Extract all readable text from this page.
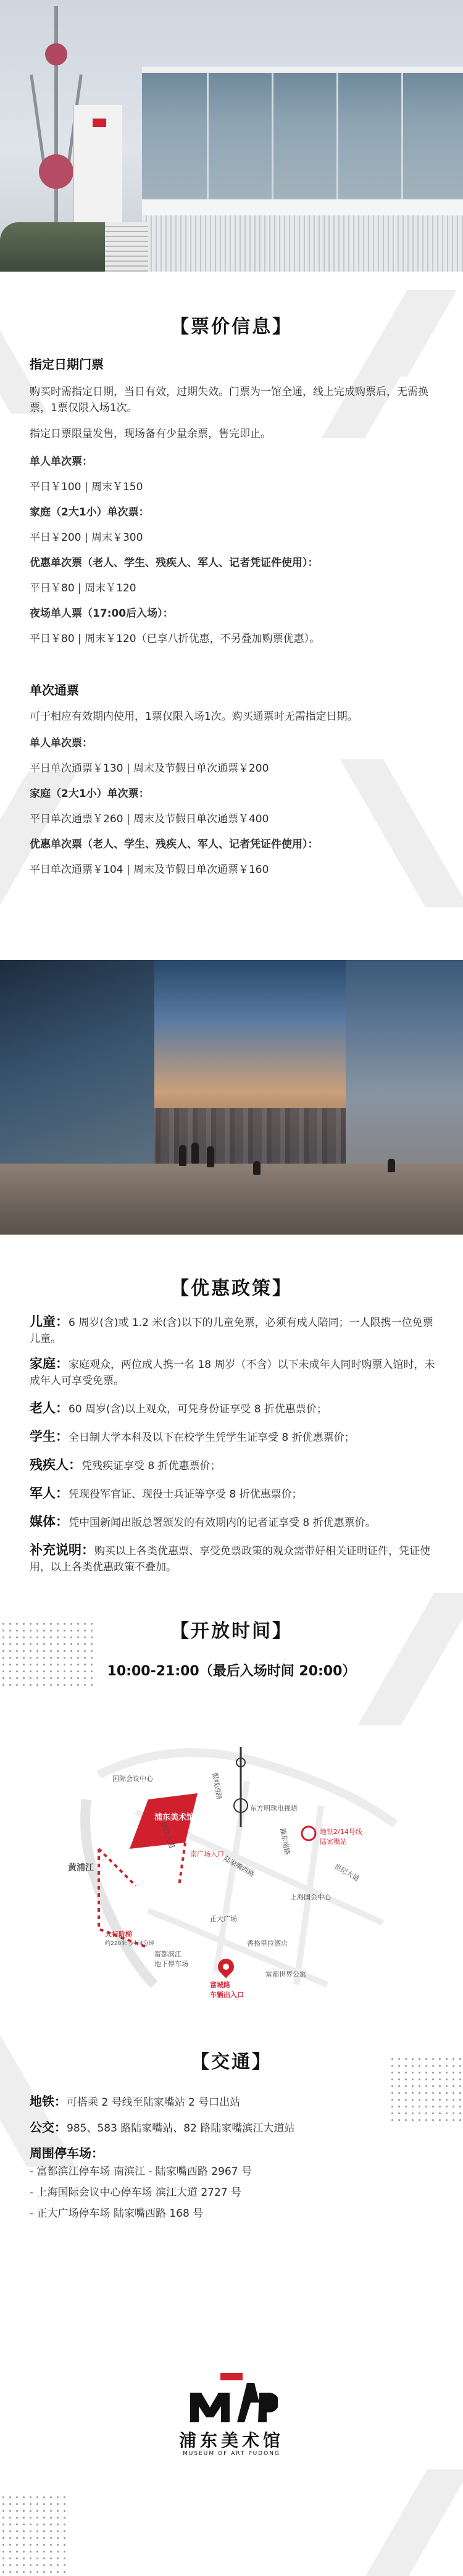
【票价信息】
指定日期门票
购买时需指定日期，当日有效，过期失效。门票为一馆全通，线上完成购票后，无需换票，1票仅限入场1次。
指定日票限量发售，现场备有少量余票，售完即止。
单人单次票：
平日￥100 | 周末￥150
家庭（2大1小）单次票：
平日￥200 | 周末￥300
优惠单次票（老人、学生、残疾人、军人、记者凭证件使用）：
平日￥80 | 周末￥120
夜场单人票（17:00后入场）：
平日￥80 | 周末￥120（已享八折优惠，不另叠加购票优惠）。
单次通票
可于相应有效期内使用，1票仅限入场1次。购买通票时无需指定日期。
单人单次票：
平日单次通票￥130 | 周末及节假日单次通票￥200
家庭（2大1小）单次票：
平日单次通票￥260 | 周末及节假日单次通票￥400
优惠单次票（老人、学生、残疾人、军人、记者凭证件使用）：
平日单次通票￥104 | 周末及节假日单次通票￥160
【优惠政策】
儿童：6 周岁(含)或 1.2 米(含)以下的儿童免票，必须有成人陪同；一人限携一位免票儿童。
家庭：家庭观众，两位成人携一名 18 周岁（不含）以下未成年人同时购票入馆时，未成年人可享受免票。
老人：60 周岁(含)以上观众，可凭身份证享受 8 折优惠票价；
学生：全日制大学本科及以下在校学生凭学生证享受 8 折优惠票价；
残疾人：凭残疾证享受 8 折优惠票价；
军人：凭现役军官证、现役士兵证等享受 8 折优惠票价；
媒体：凭中国新闻出版总署颁发的有效期内的记者证享受 8 折优惠票价。
补充说明：购买以上各类优惠票、享受免票政策的观众需带好相关证明证件，凭证使用，以上各类优惠政策不叠加。
【开放时间】
10:00-21:00（最后入场时间 20:00）
浦东美术馆
黄浦江
国际会议中心
东方明珠电视塔
地铁2/14号线
陆家嘴站
南广场入口
大行阶梯
约220米 步行4分钟
富都滨江
地下停车场
正大广场
上海国金中心
香格里拉酒店
富都世界公寓
陆家嘴西路	世纪大道
滨江大道
银城西路
浦东南路
富城路
车辆出入口
【交通】
地铁：可搭乘 2 号线至陆家嘴站 2 号口出站
公交：985、583 路陆家嘴站、82 路陆家嘴滨江大道站
周围停车场：
- 富都滨江停车场 南滨江 - 陆家嘴西路 2967 号
- 上海国际会议中心停车场 滨江大道 2727 号
- 正大广场停车场 陆家嘴西路 168 号
浦东美术馆
MUSEUM OF ART PUDONG
